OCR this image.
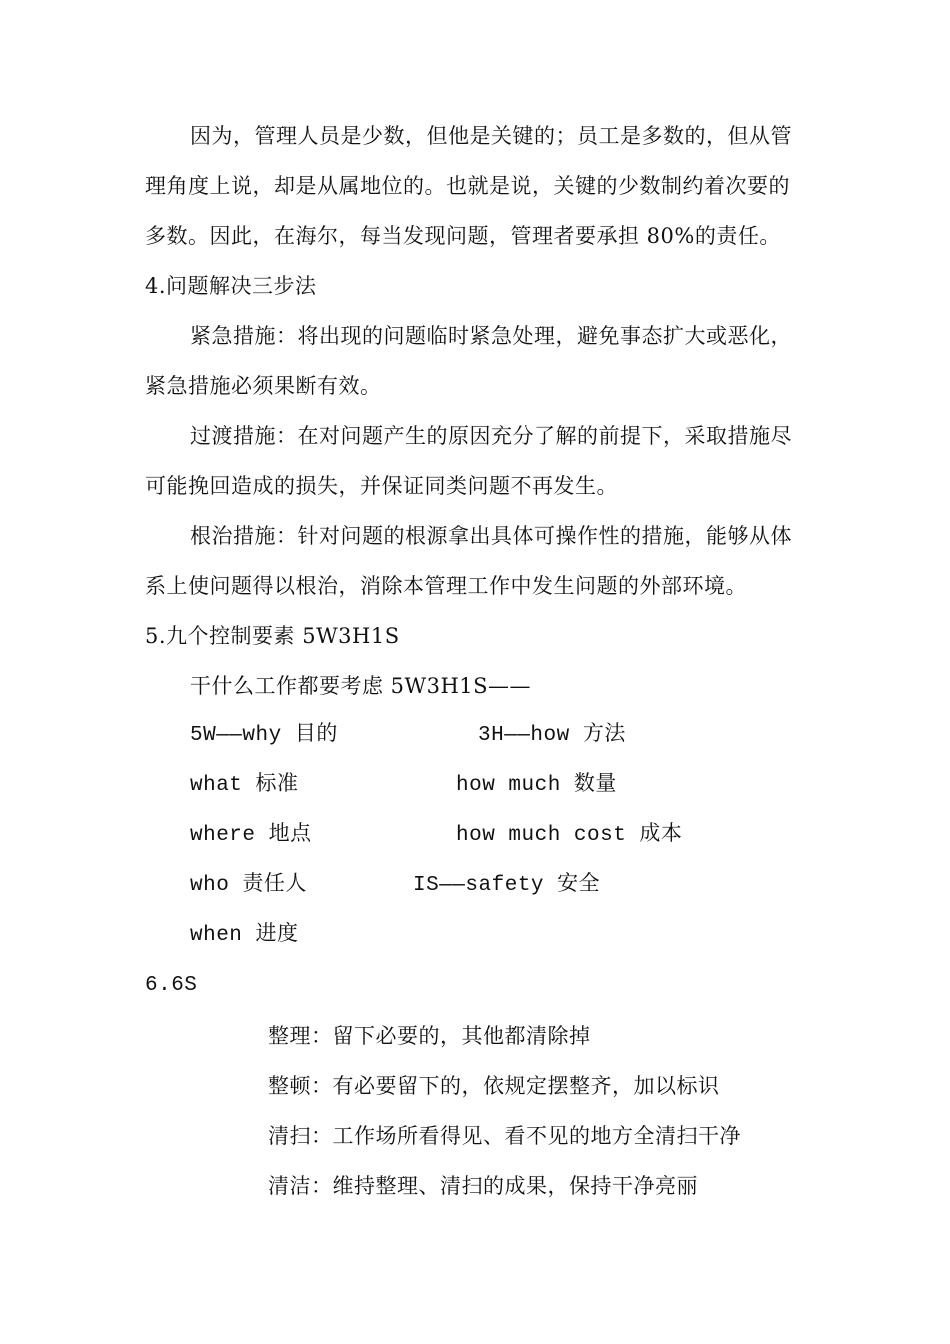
因为，管理人员是少数，但他是关键的；员工是多数的，但从管
理角度上说，却是从属地位的。也就是说，关键的少数制约着次要的
多数。因此，在海尔，每当发现问题，管理者要承担 80%的责任。
4.问题解决三步法
紧急措施：将出现的问题临时紧急处理，避免事态扩大或恶化，
紧急措施必须果断有效。
过渡措施：在对问题产生的原因充分了解的前提下，采取措施尽
可能挽回造成的损失，并保证同类问题不再发生。
根治措施：针对问题的根源拿出具体可操作性的措施，能够从体
系上使问题得以根治，消除本管理工作中发生问题的外部环境。
5.九个控制要素 5W3H1S
干什么工作都要考虑 5W3H1S——
5W——why 目的	3H——how 方法
what 标准	how much 数量
where 地点	how much cost 成本
who 责任人	IS——safety 安全
when 进度
6.6S
整理：留下必要的，其他都清除掉
整顿：有必要留下的，依规定摆整齐，加以标识
清扫：工作场所看得见、看不见的地方全清扫干净
清洁：维持整理、清扫的成果，保持干净亮丽
